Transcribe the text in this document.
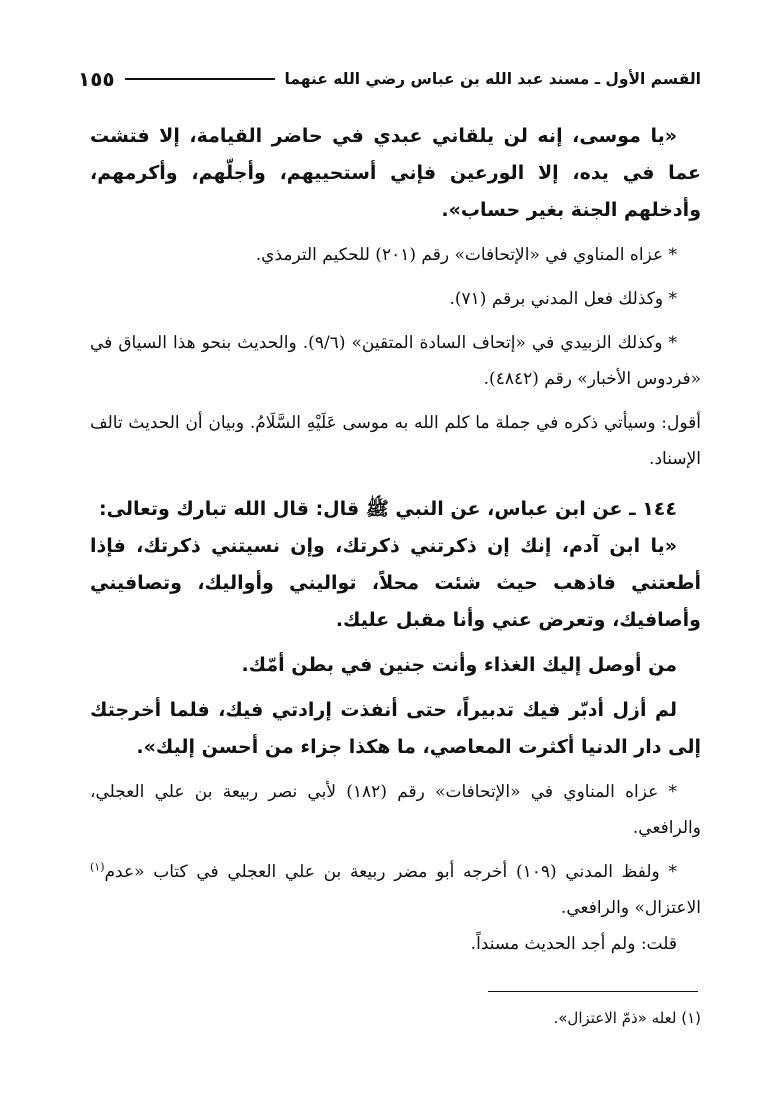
القسم الأول ـ مسند عبد الله بن عباس رضي الله عنهما
١٥٥

«يا موسى، إنه لن يلقاني عبدي في حاضر القيامة، إلا فتشت عما في يده، إلا الورعين فإني أستحييهم، وأجلّهم، وأكرمهم، وأدخلهم الجنة بغير حساب».

* عزاه المناوي في «الإتحافات» رقم (٢٠١) للحكيم الترمذي.

* وكذلك فعل المدني برقم (٧١).

* وكذلك الزبيدي في «إتحاف السادة المتقين» (٩/٦). والحديث بنحو هذا السياق في «فردوس الأخبار» رقم (٤٨٤٢).

أقول: وسيأتي ذكره في جملة ما كلم الله به موسى عَلَيْهِ السَّلَامُ. وبيان أن الحديث تالف الإسناد.

١٤٤ ـ عن ابن عباس، عن النبي ﷺ قال: قال الله تبارك وتعالى:

«يا ابن آدم، إنك إن ذكرتني ذكرتك، وإن نسيتني ذكرتك، فإذا أطعتني فاذهب حيث شئت محلاً، تواليني وأواليك، وتصافيني وأصافيك، وتعرض عني وأنا مقبل عليك.

من أوصل إليك الغذاء وأنت جنين في بطن أمّك.

لم أزل أدبّر فيك تدبيراً، حتى أنفذت إرادتي فيك، فلما أخرجتك إلى دار الدنيا أكثرت المعاصي، ما هكذا جزاء من أحسن إليك».

* عزاه المناوي في «الإتحافات» رقم (١٨٢) لأبي نصر ربيعة بن علي العجلي، والرافعي.

* ولفظ المدني (١٠٩) أخرجه أبو مضر ربيعة بن علي العجلي في كتاب «عدم$^{(١)}$ الاعتزال» والرافعي.

قلت: ولم أجد الحديث مسنداً.

(١) لعله «ذمّ الاعتزال».
